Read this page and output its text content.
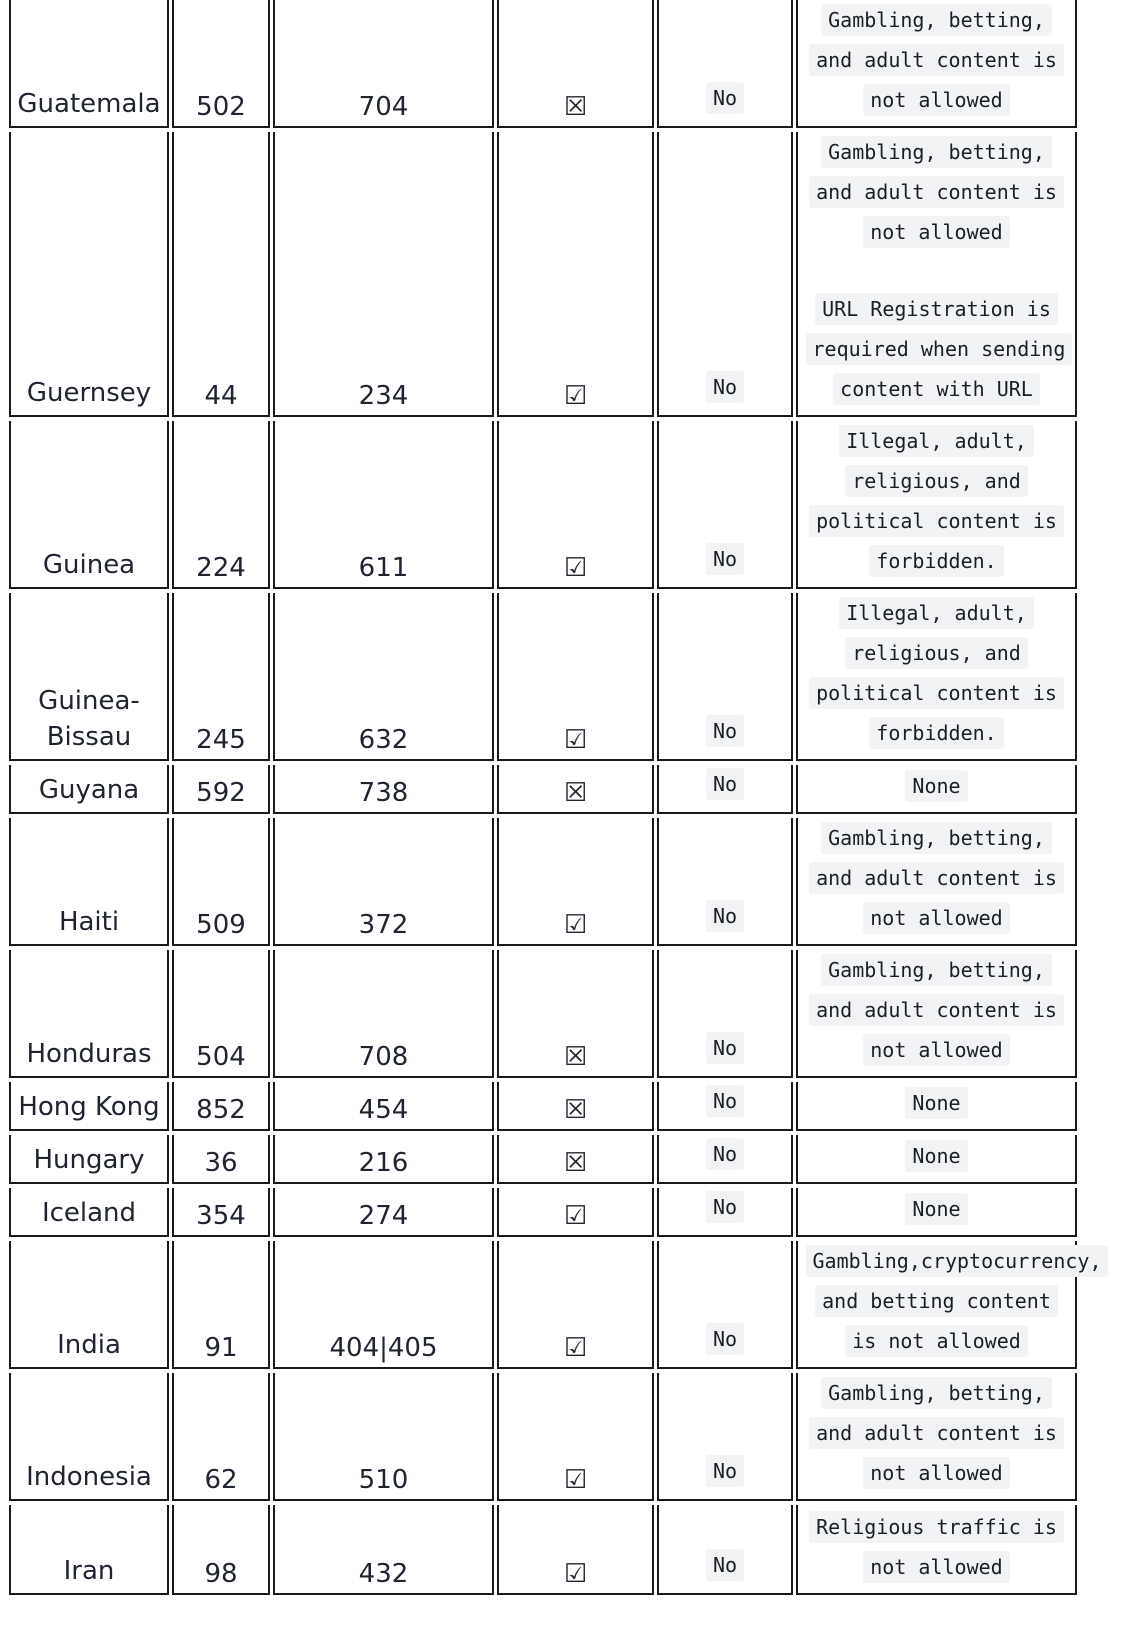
Guatemala	502	704	☒	No	Gambling, betting, and adult content is not allowed

Guernsey	44	234	☑	No	Gambling, betting, and adult content is not allowed
URL Registration is required when sending content with URL

Guinea	224	611	☑	No	Illegal, adult, religious, and political content is forbidden.

Guinea-Bissau	245	632	☑	No	Illegal, adult, religious, and political content is forbidden.

Guyana	592	738	☒	No	None

Haiti	509	372	☑	No	Gambling, betting, and adult content is not allowed

Honduras	504	708	☒	No	Gambling, betting, and adult content is not allowed

Hong Kong	852	454	☒	No	None

Hungary	36	216	☒	No	None

Iceland	354	274	☑	No	None

India	91	404|405	☑	No	Gambling,cryptocurrency, and betting content is not allowed

Indonesia	62	510	☑	No	Gambling, betting, and adult content is not allowed

Iran	98	432	☑	No	Religious traffic is not allowed
